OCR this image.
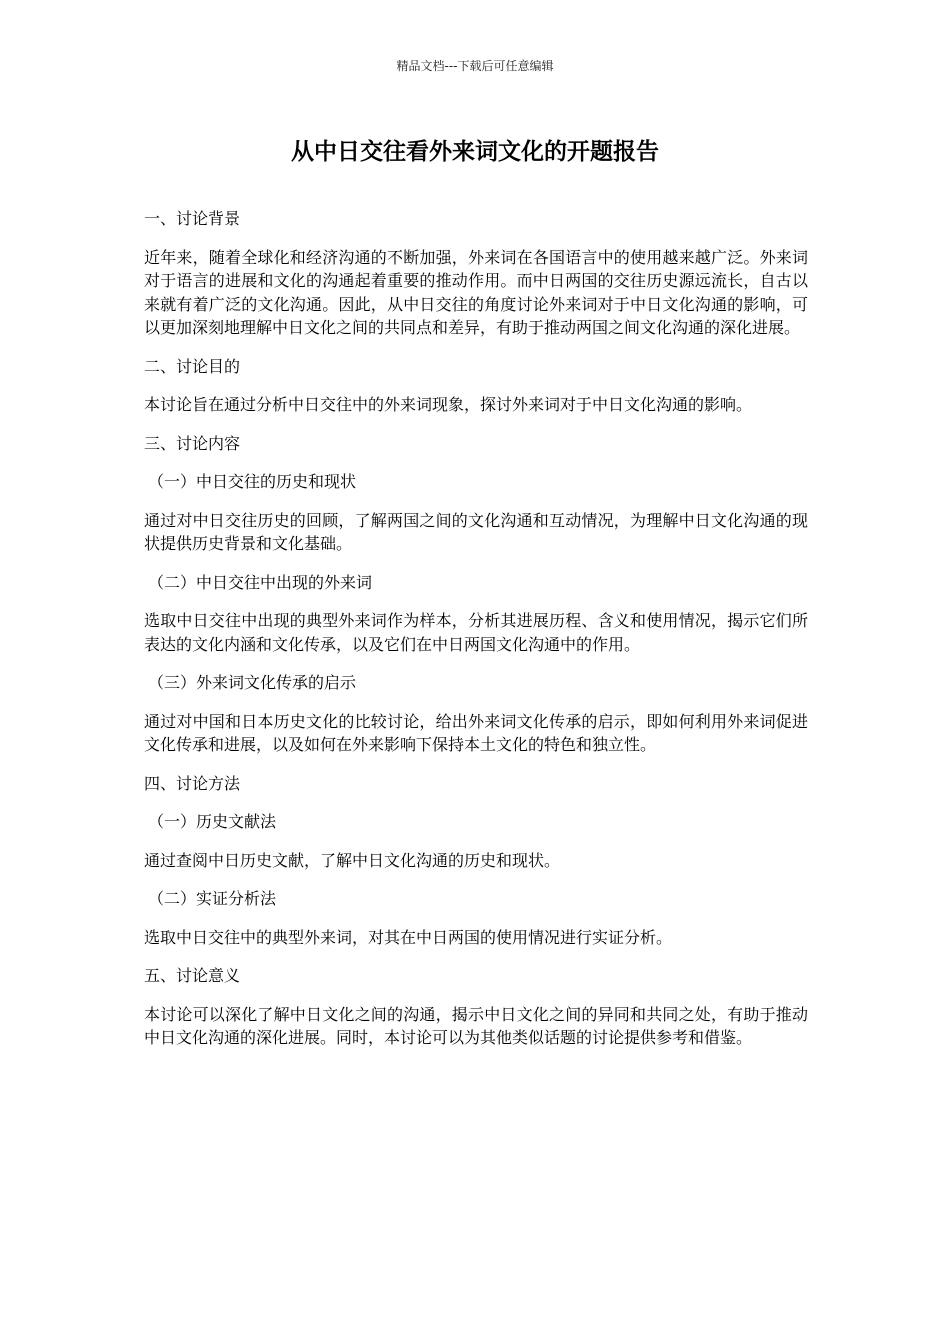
精品文档---下载后可任意编辑
从中日交往看外来词文化的开题报告

一、讨论背景

近年来，随着全球化和经济沟通的不断加强，外来词在各国语言中的使用越来越广泛。外来词对于语言的进展和文化的沟通起着重要的推动作用。而中日两国的交往历史源远流长，自古以来就有着广泛的文化沟通。因此，从中日交往的角度讨论外来词对于中日文化沟通的影响，可以更加深刻地理解中日文化之间的共同点和差异，有助于推动两国之间文化沟通的深化进展。

二、讨论目的

本讨论旨在通过分析中日交往中的外来词现象，探讨外来词对于中日文化沟通的影响。

三、讨论内容

（一）中日交往的历史和现状

通过对中日交往历史的回顾，了解两国之间的文化沟通和互动情况，为理解中日文化沟通的现状提供历史背景和文化基础。

（二）中日交往中出现的外来词

选取中日交往中出现的典型外来词作为样本，分析其进展历程、含义和使用情况，揭示它们所表达的文化内涵和文化传承，以及它们在中日两国文化沟通中的作用。

（三）外来词文化传承的启示

通过对中国和日本历史文化的比较讨论，给出外来词文化传承的启示，即如何利用外来词促进文化传承和进展，以及如何在外来影响下保持本土文化的特色和独立性。

四、讨论方法

（一）历史文献法

通过查阅中日历史文献，了解中日文化沟通的历史和现状。

（二）实证分析法

选取中日交往中的典型外来词，对其在中日两国的使用情况进行实证分析。

五、讨论意义

本讨论可以深化了解中日文化之间的沟通，揭示中日文化之间的异同和共同之处，有助于推动中日文化沟通的深化进展。同时，本讨论可以为其他类似话题的讨论提供参考和借鉴。
